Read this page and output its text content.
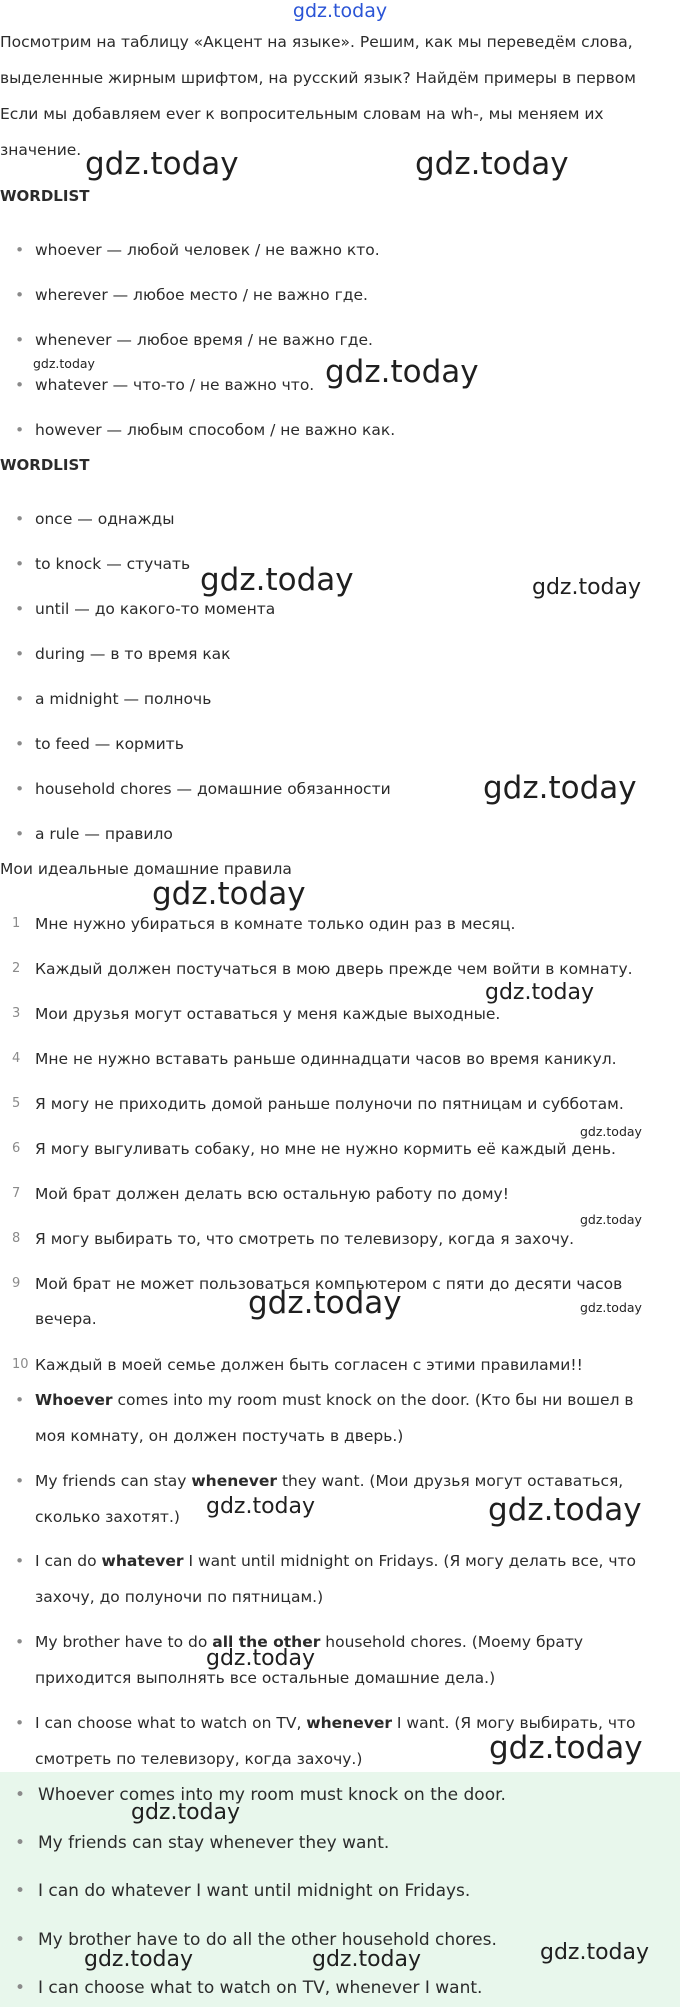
gdz.today
Посмотрим на таблицу «Акцент на языке». Решим, как мы переведём слова,
выделенные жирным шрифтом, на русский язык? Найдём примеры в первом
Если мы добавляем ever к вопросительным словам на wh-, мы меняем их
значение.
WORDLIST
• whoever — любой человек / не важно кто.
• wherever — любое место / не важно где.
• whenever — любое время / не важно где.
• whatever — что-то / не важно что.
• however — любым способом / не важно как.
WORDLIST
• once — однажды
• to knock — стучать
• until — до какого-то момента
• during — в то время как
• a midnight — полночь
• to feed — кормить
• household chores — домашние обязанности
• a rule — правило
Мои идеальные домашние правила
1 Мне нужно убираться в комнате только один раз в месяц.
2 Каждый должен постучаться в мою дверь прежде чем войти в комнату.
3 Мои друзья могут оставаться у меня каждые выходные.
4 Мне не нужно вставать раньше одиннадцати часов во время каникул.
5 Я могу не приходить домой раньше полуночи по пятницам и субботам.
6 Я могу выгуливать собаку, но мне не нужно кормить её каждый день.
7 Мой брат должен делать всю остальную работу по дому!
8 Я могу выбирать то, что смотреть по телевизору, когда я захочу.
9 Мой брат не может пользоваться компьютером с пяти до десяти часов
вечера.
10 Каждый в моей семье должен быть согласен с этими правилами!!
• Whoever comes into my room must knock on the door. (Кто бы ни вошел в моя комнату, он должен постучать в дверь.)
• My friends can stay whenever they want. (Мои друзья могут оставаться, сколько захотят.)
• I can do whatever I want until midnight on Fridays. (Я могу делать все, что захочу, до полуночи по пятницам.)
• My brother have to do all the other household chores. (Моему брату приходится выполнять все остальные домашние дела.)
• I can choose what to watch on TV, whenever I want. (Я могу выбирать, что смотреть по телевизору, когда захочу.)
• Whoever comes into my room must knock on the door.
• My friends can stay whenever they want.
• I can do whatever I want until midnight on Fridays.
• My brother have to do all the other household chores.
• I can choose what to watch on TV, whenever I want.
gdz.today	gdz.today
gdz.today	gdz.today
gdz.today	gdz.today
gdz.today
gdz.today
gdz.today
gdz.today
gdz.today
gdz.today	gdz.today
gdz.today	gdz.today
gdz.today
gdz.today
gdz.today
gdz.today	gdz.today	gdz.today
